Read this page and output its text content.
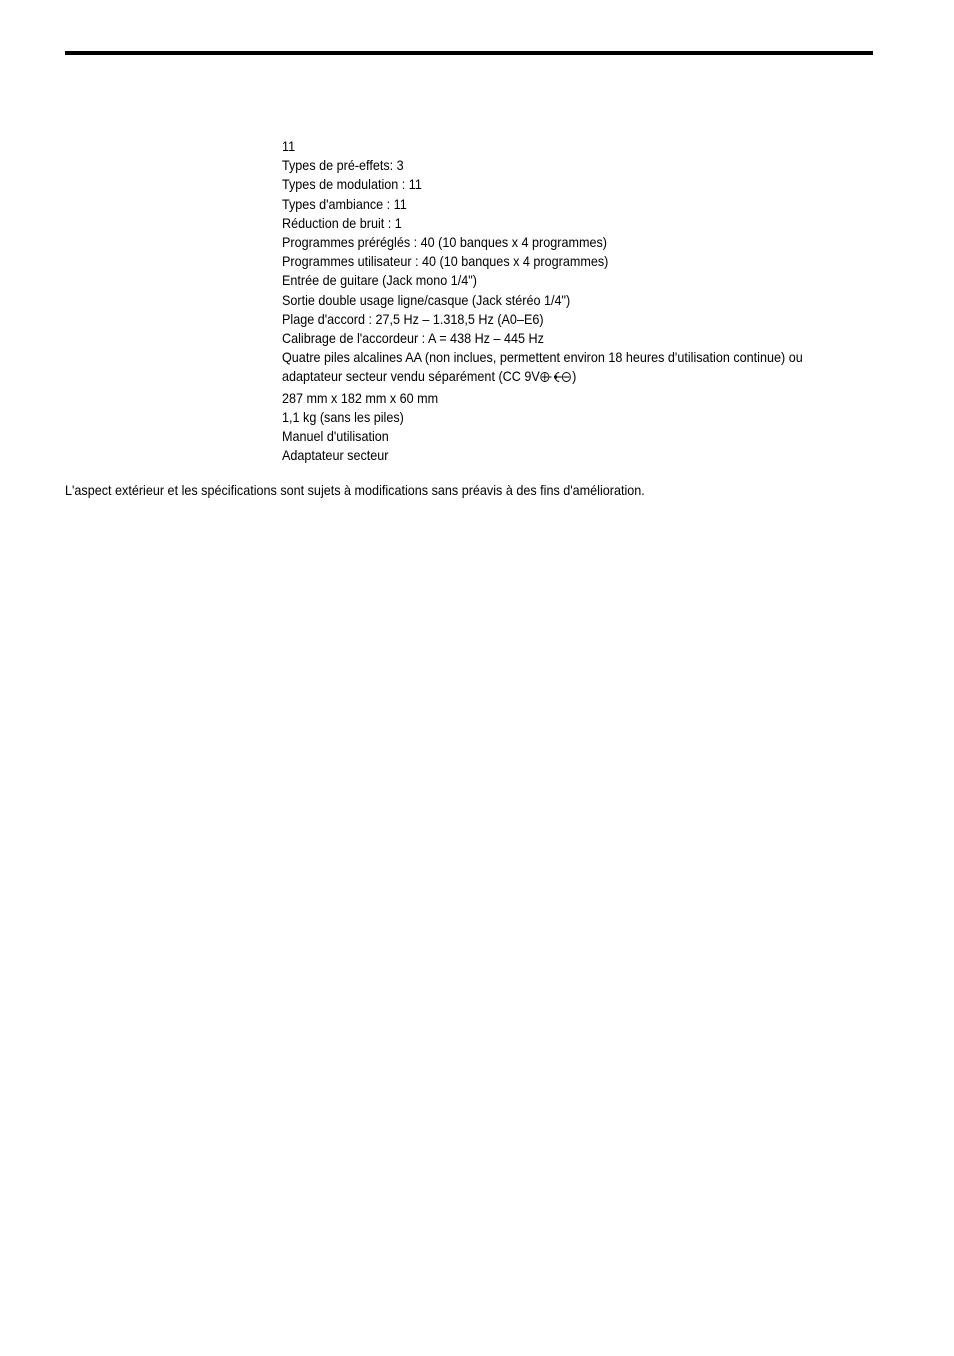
11
Types de pré-effets: 3
Types de modulation : 11
Types d'ambiance : 11
Réduction de bruit : 1
Programmes préréglés : 40 (10 banques x 4 programmes)
Programmes utilisateur : 40 (10 banques x 4 programmes)
Entrée de guitare (Jack mono 1/4")
Sortie double usage ligne/casque (Jack stéréo 1/4")
Plage d'accord : 27,5 Hz – 1.318,5 Hz (A0–E6)
Calibrage de l'accordeur : A = 438 Hz – 445 Hz
Quatre piles alcalines AA (non inclues, permettent environ 18 heures d'utilisation continue) ou
adaptateur secteur vendu séparément (CC 9V )
287 mm x 182 mm x 60 mm
1,1 kg (sans les piles)
Manuel d'utilisation
Adaptateur secteur

L'aspect extérieur et les spécifications sont sujets à modifications sans préavis à des fins d'amélioration.
